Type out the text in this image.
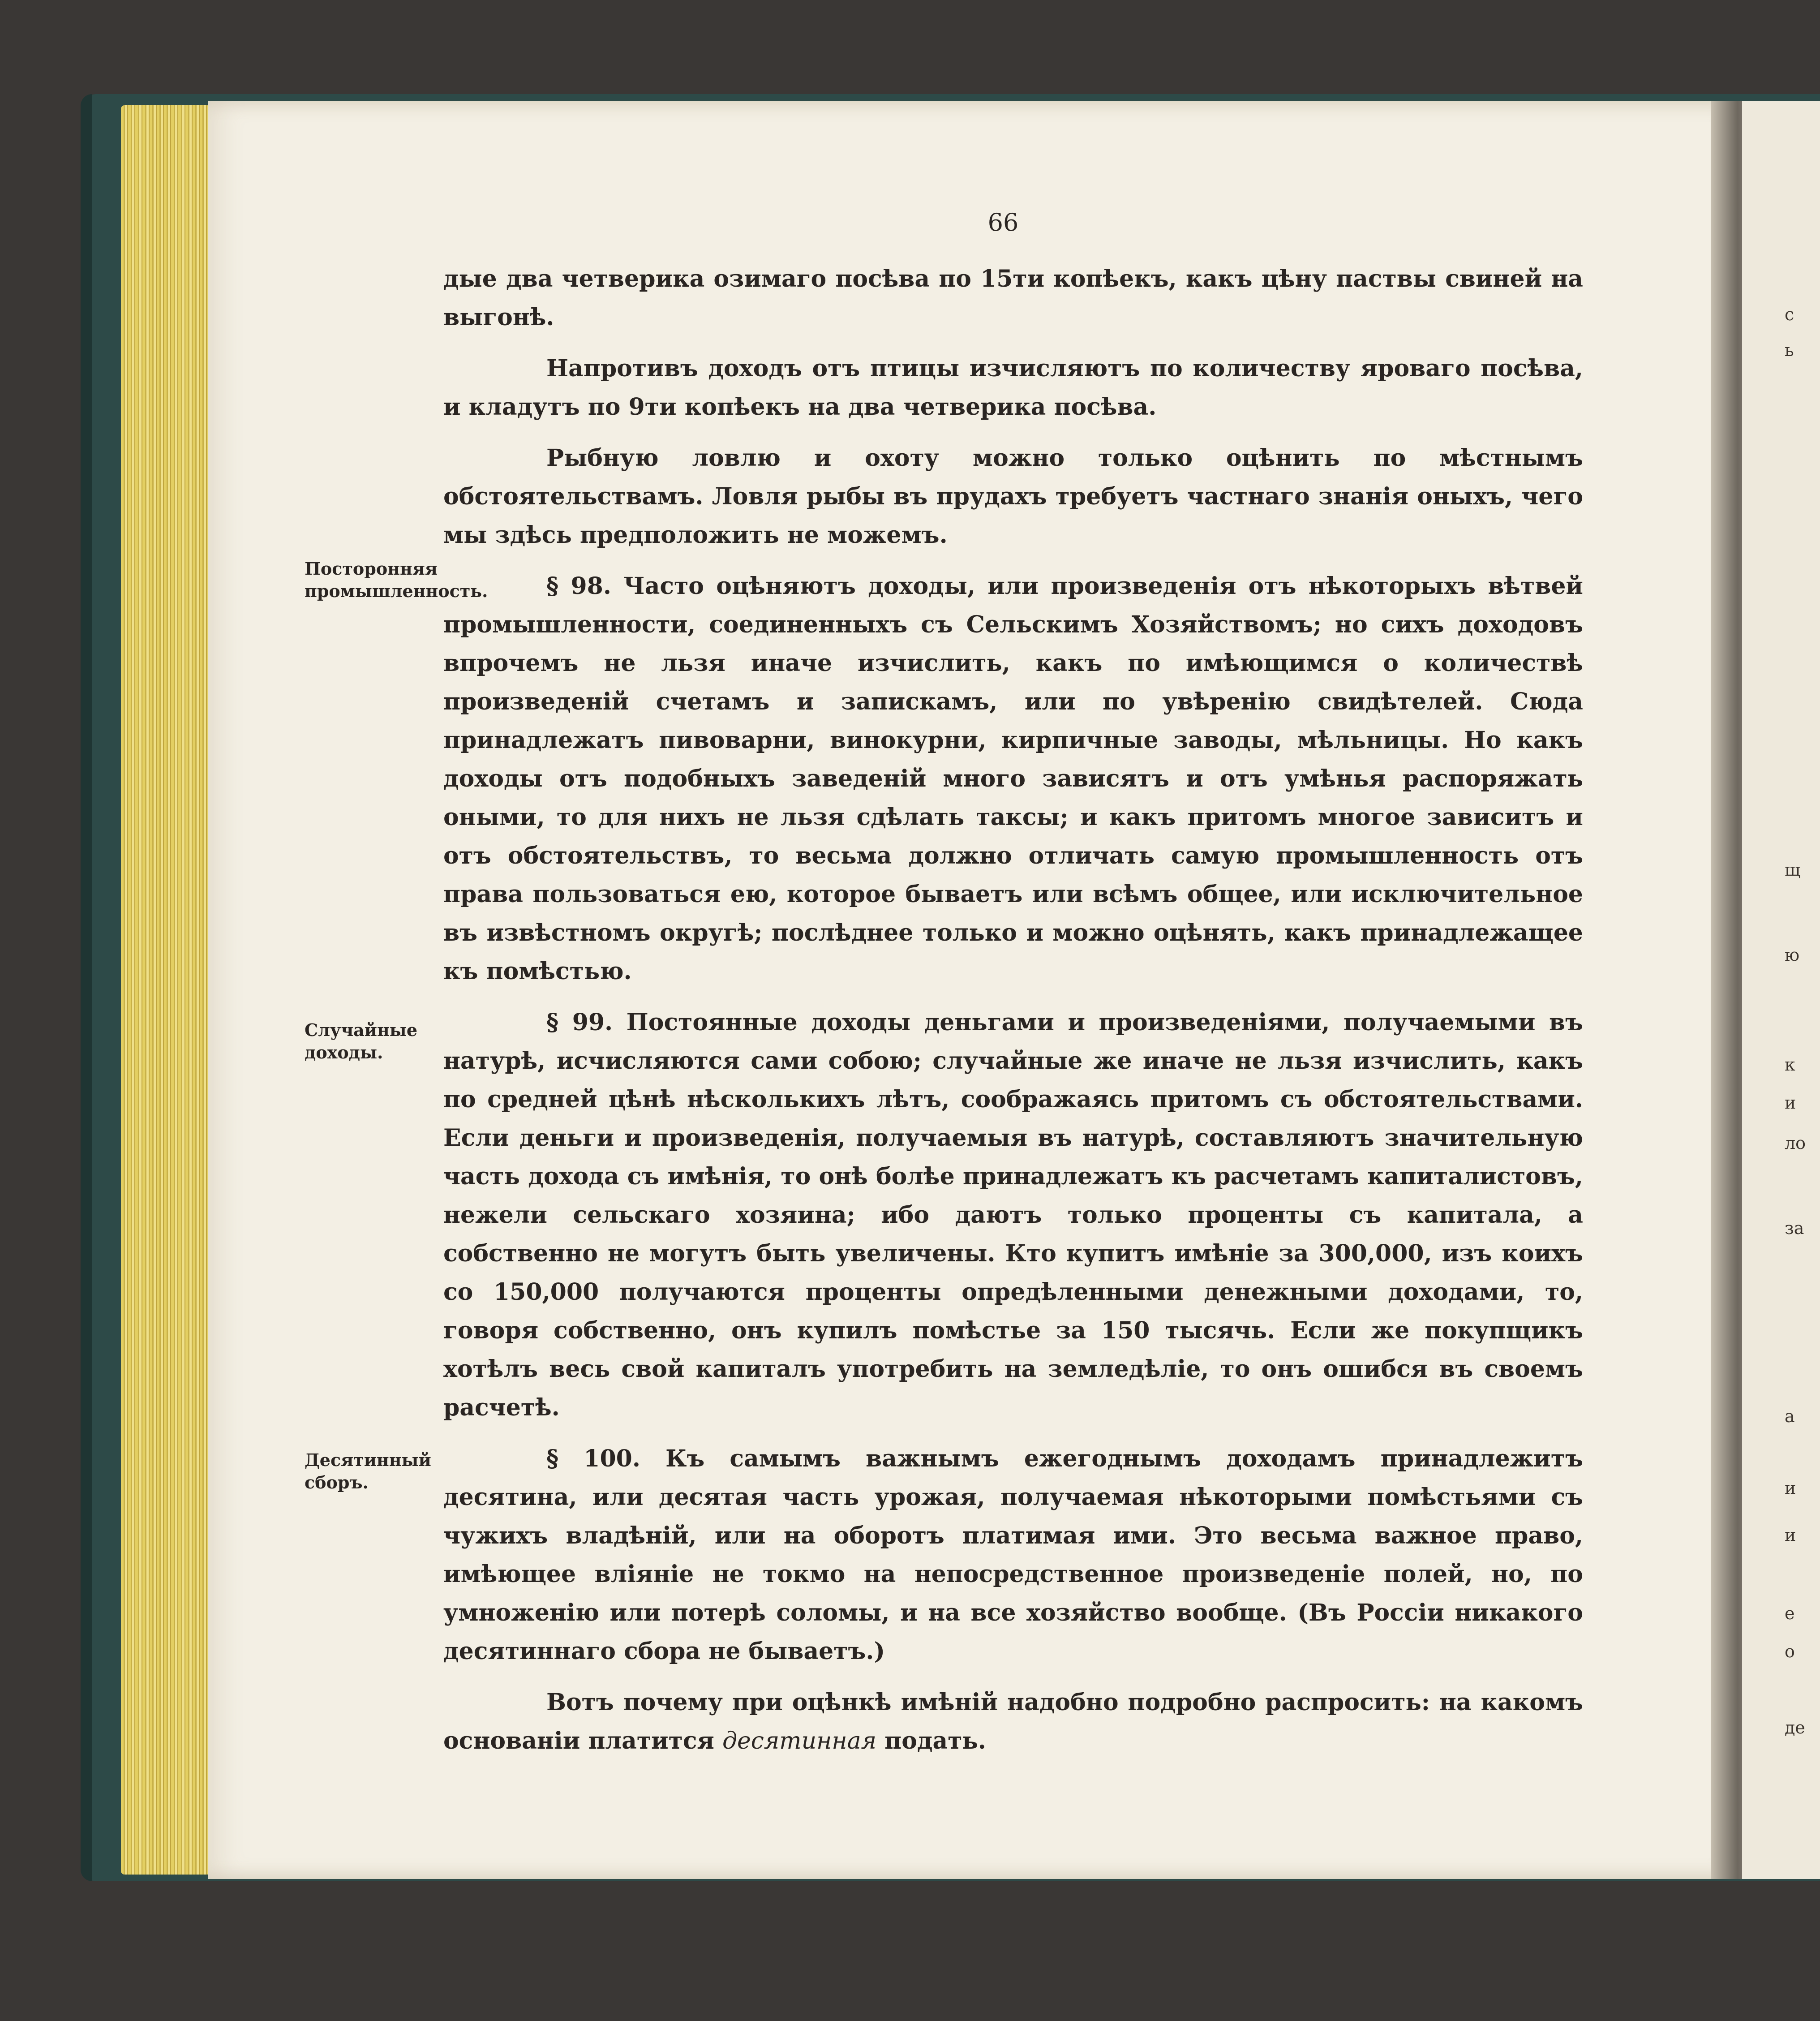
66
Посторонняя промышленность.
Случайные доходы.
Десятинный сборъ.

дые два четверика озимаго посѣва по 15ти копѣекъ, какъ цѣну паствы свиней на выгонѣ.

Напротивъ доходъ отъ птицы изчисляютъ по количеству яроваго посѣва, и кладутъ по 9ти копѣекъ на два четверика посѣва.

Рыбную ловлю и охоту можно только оцѣнить по мѣстнымъ обстоятельствамъ. Ловля рыбы въ прудахъ требуетъ частнаго знанія оныхъ, чего мы здѣсь предположить не можемъ.

§ 98. Часто оцѣняютъ доходы, или произведенія отъ нѣкоторыхъ вѣтвей промышленности, соединенныхъ съ Сельскимъ Хозяйствомъ; но сихъ доходовъ впрочемъ не льзя иначе изчислить, какъ по имѣющимся о количествѣ произведеній счетамъ и запискамъ, или по увѣренію свидѣтелей. Сюда принадлежатъ пивоварни, винокурни, кирпичные заводы, мѣльницы. Но какъ доходы отъ подобныхъ заведеній много зависятъ и отъ умѣнья распоряжать оными, то для нихъ не льзя сдѣлать таксы; и какъ притомъ многое зависитъ и отъ обстоятельствъ, то весьма должно отличать самую промышленность отъ права пользоваться ею, которое бываетъ или всѣмъ общее, или исключительное въ извѣстномъ округѣ; послѣднее только и можно оцѣнять, какъ принадлежащее къ помѣстью.

§ 99. Постоянные доходы деньгами и произведеніями, получаемыми въ натурѣ, исчисляются сами собою; случайные же иначе не льзя изчислить, какъ по средней цѣнѣ нѣсколькихъ лѣтъ, соображаясь притомъ съ обстоятельствами. Если деньги и произведенія, получаемыя въ натурѣ, составляютъ значительную часть дохода съ имѣнія, то онѣ болѣе принадлежатъ къ расчетамъ капиталистовъ, нежели сельскаго хозяина; ибо даютъ только проценты съ капитала, а собственно не могутъ быть увеличены. Кто купитъ имѣніе за 300,000, изъ коихъ со 150,000 получаются проценты опредѣленными денежными доходами, то, говоря собственно, онъ купилъ помѣстье за 150 тысячь. Если же покупщикъ хотѣлъ весь свой капиталъ употребить на земледѣліе, то онъ ошибся въ своемъ расчетѣ.

§ 100. Къ самымъ важнымъ ежегоднымъ доходамъ принадлежитъ десятина, или десятая часть урожая, получаемая нѣкоторыми помѣстьями съ чужихъ владѣній, или на оборотъ платимая ими. Это весьма важное право, имѣющее вліяніе не токмо на непосредственное произведеніе полей, но, по умноженію или потерѣ соломы, и на все хозяйство вообще. (Въ Россіи никакого десятиннаго сбора не бываетъ.)

Вотъ почему при оцѣнкѣ имѣній надобно подробно распросить: на какомъ основаніи платится десятинная подать.

с
ь
щ
ю
к
и
ло
за
а
и
и
е
о
де
